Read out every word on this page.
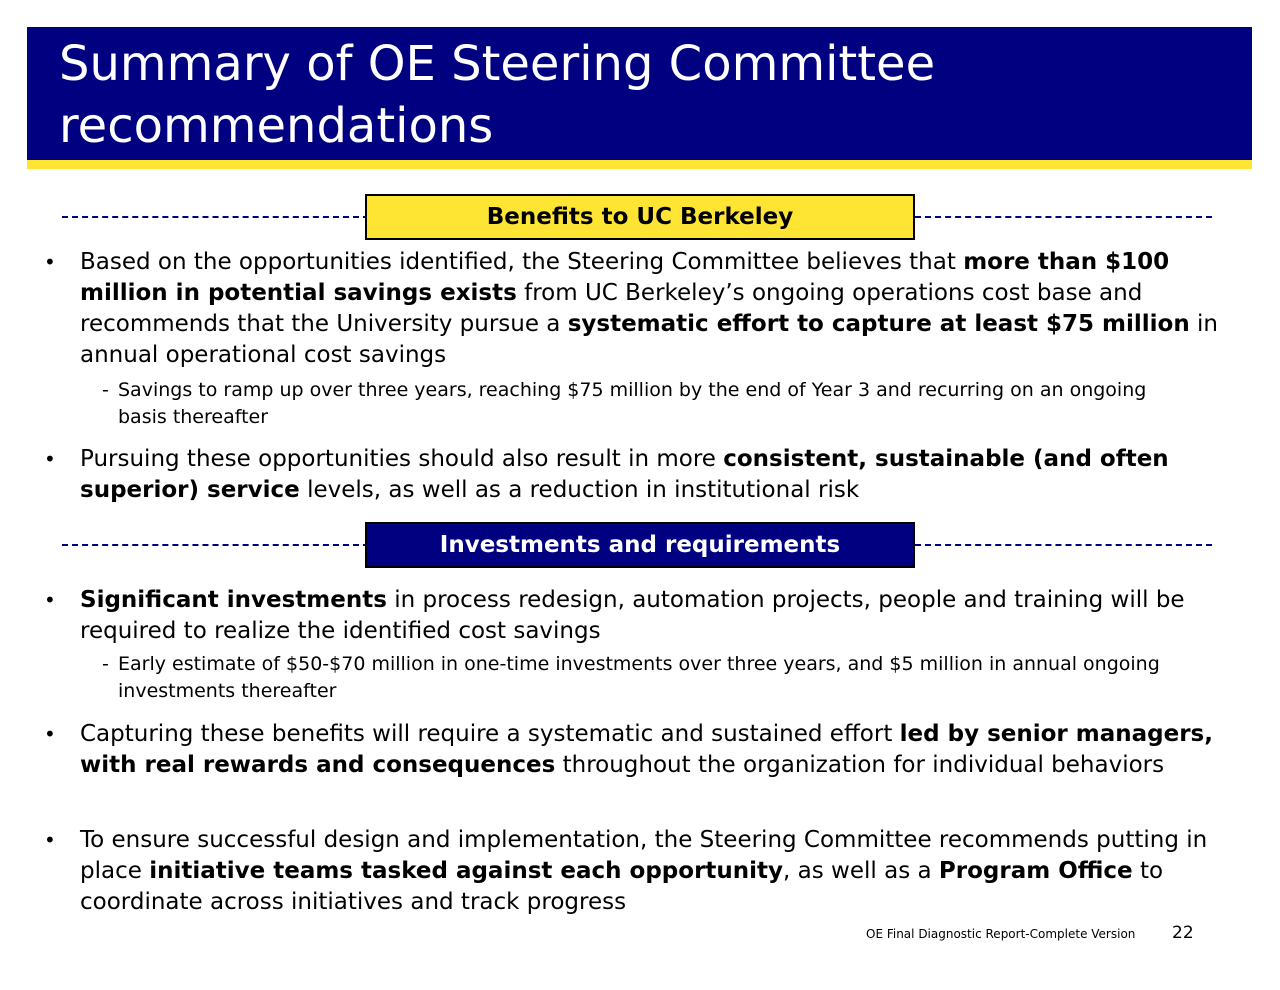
Summary of OE Steering Committee recommendations
Benefits to UC Berkeley
• Based on the opportunities identified, the Steering Committee believes that more than $100 million in potential savings exists from UC Berkeley’s ongoing operations cost base and recommends that the University pursue a systematic effort to capture at least $75 million in annual operational cost savings
- Savings to ramp up over three years, reaching $75 million by the end of Year 3 and recurring on an ongoing basis thereafter
• Pursuing these opportunities should also result in more consistent, sustainable (and often superior) service levels, as well as a reduction in institutional risk
Investments and requirements
• Significant investments in process redesign, automation projects, people and training will be required to realize the identified cost savings
- Early estimate of $50-$70 million in one-time investments over three years, and $5 million in annual ongoing investments thereafter
• Capturing these benefits will require a systematic and sustained effort led by senior managers, with real rewards and consequences throughout the organization for individual behaviors
• To ensure successful design and implementation, the Steering Committee recommends putting in place initiative teams tasked against each opportunity, as well as a Program Office to coordinate across initiatives and track progress
OE Final Diagnostic Report-Complete Version 22
